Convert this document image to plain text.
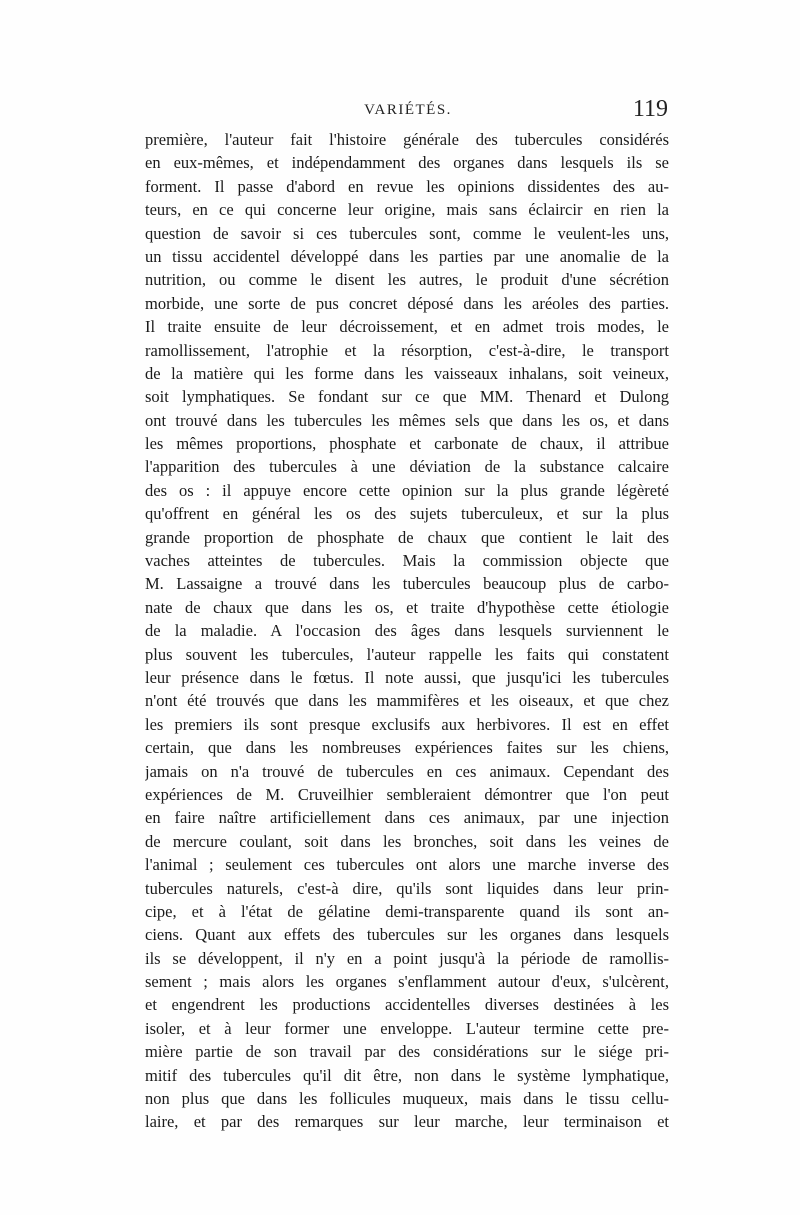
VARIÉTÉS.	119
première, l'auteur fait l'histoire générale des tubercules considérés
en eux-mêmes, et indépendamment des organes dans lesquels ils se
forment. Il passe d'abord en revue les opinions dissidentes des au-
teurs, en ce qui concerne leur origine, mais sans éclaircir en rien la
question de savoir si ces tubercules sont, comme le veulent-les uns,
un tissu accidentel développé dans les parties par une anomalie de la
nutrition, ou comme le disent les autres, le produit d'une sécrétion
morbide, une sorte de pus concret déposé dans les aréoles des parties.
Il traite ensuite de leur décroissement, et en admet trois modes, le
ramollissement, l'atrophie et la résorption, c'est-à-dire, le transport
de la matière qui les forme dans les vaisseaux inhalans, soit veineux,
soit lymphatiques. Se fondant sur ce que MM. Thenard et Dulong
ont trouvé dans les tubercules les mêmes sels que dans les os, et dans
les mêmes proportions, phosphate et carbonate de chaux, il attribue
l'apparition des tubercules à une déviation de la substance calcaire
des os : il appuye encore cette opinion sur la plus grande légèreté
qu'offrent en général les os des sujets tuberculeux, et sur la plus
grande proportion de phosphate de chaux que contient le lait des
vaches atteintes de tubercules. Mais la commission objecte que
M. Lassaigne a trouvé dans les tubercules beaucoup plus de carbo-
nate de chaux que dans les os, et traite d'hypothèse cette étiologie
de la maladie. A l'occasion des âges dans lesquels surviennent le
plus souvent les tubercules, l'auteur rappelle les faits qui constatent
leur présence dans le fœtus. Il note aussi, que jusqu'ici les tubercules
n'ont été trouvés que dans les mammifères et les oiseaux, et que chez
les premiers ils sont presque exclusifs aux herbivores. Il est en effet
certain, que dans les nombreuses expériences faites sur les chiens,
jamais on n'a trouvé de tubercules en ces animaux. Cependant des
expériences de M. Cruveilhier sembleraient démontrer que l'on peut
en faire naître artificiellement dans ces animaux, par une injection
de mercure coulant, soit dans les bronches, soit dans les veines de
l'animal ; seulement ces tubercules ont alors une marche inverse des
tubercules naturels, c'est-à dire, qu'ils sont liquides dans leur prin-
cipe, et à l'état de gélatine demi-transparente quand ils sont an-
ciens. Quant aux effets des tubercules sur les organes dans lesquels
ils se développent, il n'y en a point jusqu'à la période de ramollis-
sement ; mais alors les organes s'enflamment autour d'eux, s'ulcèrent,
et engendrent les productions accidentelles diverses destinées à les
isoler, et à leur former une enveloppe. L'auteur termine cette pre-
mière partie de son travail par des considérations sur le siége pri-
mitif des tubercules qu'il dit être, non dans le système lymphatique,
non plus que dans les follicules muqueux, mais dans le tissu cellu-
laire, et par des remarques sur leur marche, leur terminaison et
